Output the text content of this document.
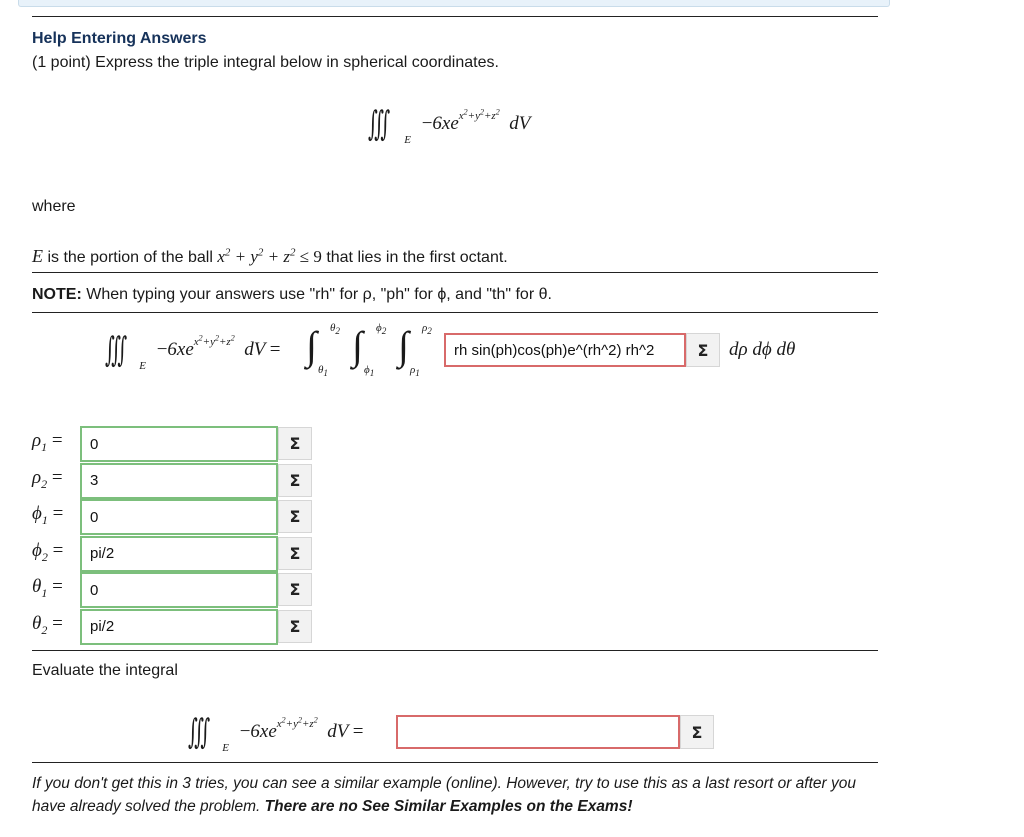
Help Entering Answers
(1 point) Express the triple integral below in spherical coordinates.
∭ $_E -6xe^{x^2+y^2+z^2}$  dV
where
E is the portion of the ball $x^2 + y^2 + z^2 \le 9$ that lies in the first octant.
NOTE: When typing your answers use "rh" for ρ, "ph" for ϕ, and "th" for θ.
∭ $_E -6xe^{x^2+y^2+z^2}$  dV = ∫ $\theta_2$
$\theta_1$
∫ $\phi_2$
$\phi_1$
∫ $\rho_2$
$\rho_1$
rh sin(ph)cos(ph)e^(rh^2) rh^2	Σ	dρ dϕ dθ
$\rho_1$ =	0	Σ
$\rho_2$ =	3	Σ
$\phi_1$ =	0	Σ
$\phi_2$ =	pi/2	Σ
$\theta_1$ =	0	Σ
$\theta_2$ =	pi/2	Σ
Evaluate the integral
∭ $_E -6xe^{x^2+y^2+z^2}$  dV =	Σ
If you don't get this in 3 tries, you can see a similar example (online). However, try to use this as a last resort or after you have already solved the problem. There are no See Similar Examples on the Exams!
